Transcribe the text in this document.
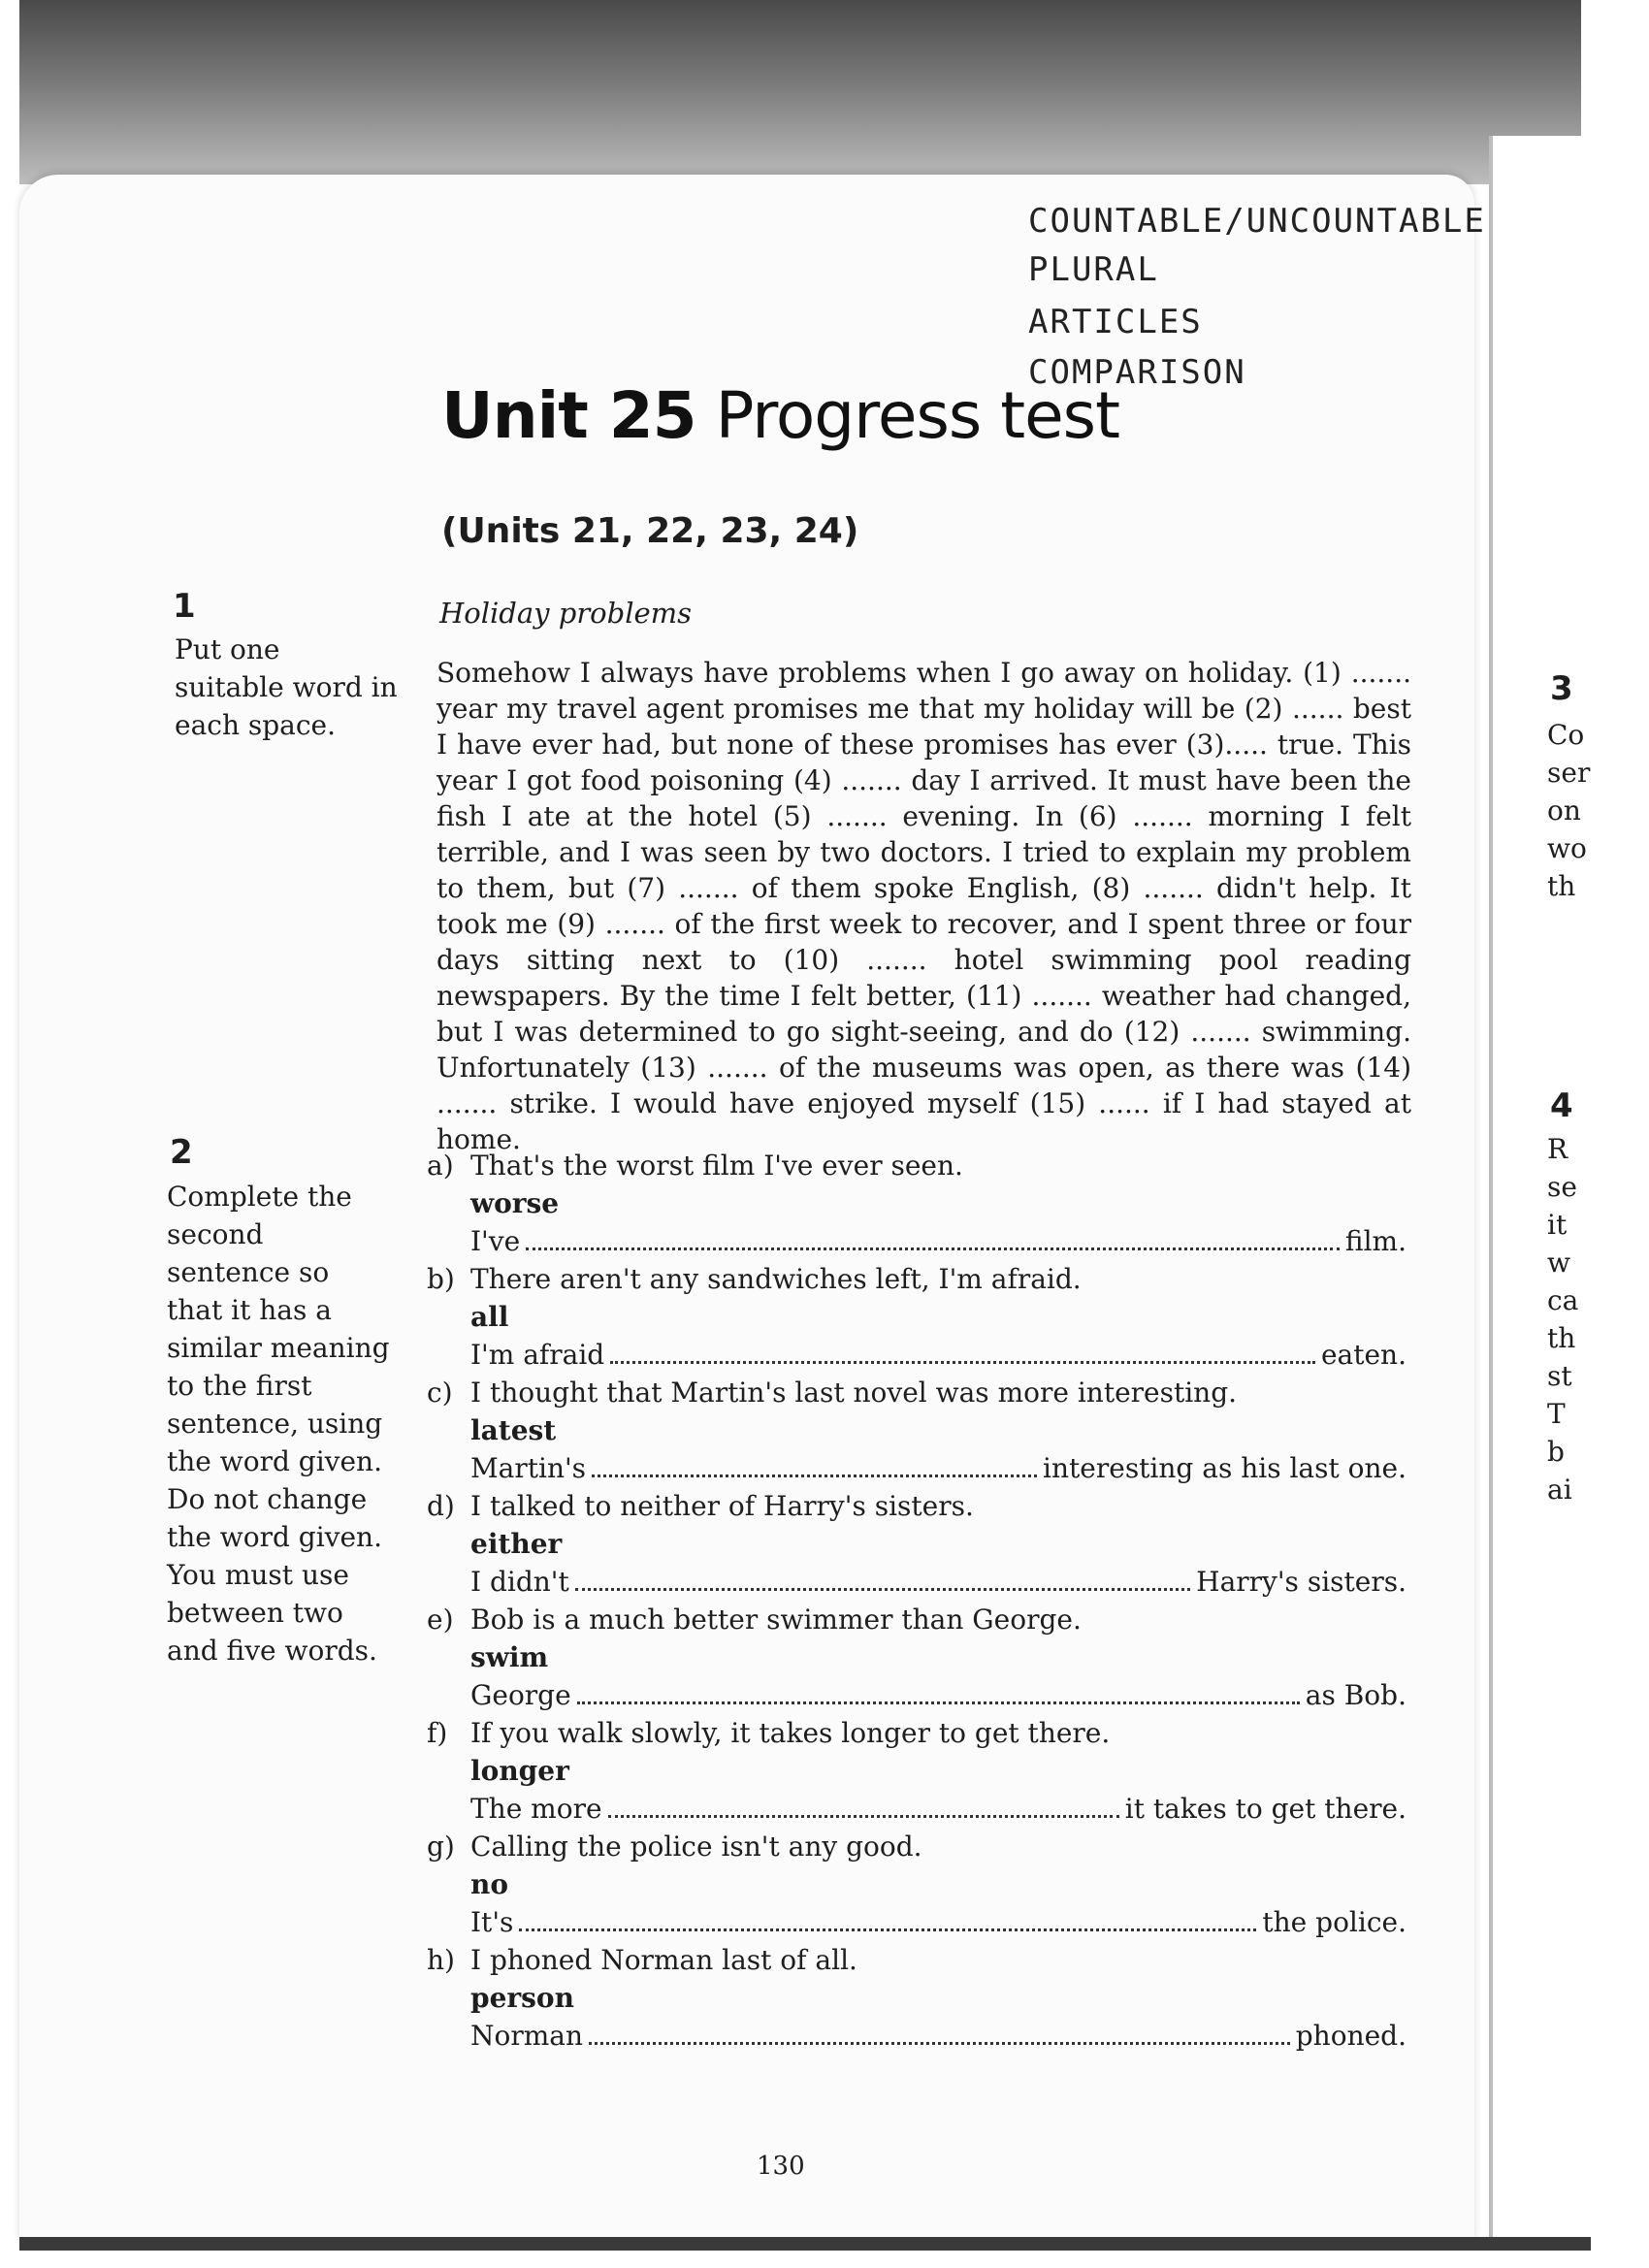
COUNTABLE/UNCOUNTABLE
PLURAL
ARTICLES
COMPARISON
Unit 25 Progress test
(Units 21, 22, 23, 24)
1
Put one suitable word in each space.
Holiday problems
Somehow I always have problems when I go away on holiday. (1) ....... year my travel agent promises me that my holiday will be (2) ...... best I have ever had, but none of these promises has ever (3)..... true. This year I got food poisoning (4) ....... day I arrived. It must have been the fish I ate at the hotel (5) ....... evening. In (6) ....... morning I felt terrible, and I was seen by two doctors. I tried to explain my problem to them, but (7) ....... of them spoke English, (8) ....... didn't help. It took me (9) ....... of the first week to recover, and I spent three or four days sitting next to (10) ....... hotel swimming pool reading newspapers. By the time I felt better, (11) ....... weather had changed, but I was determined to go sight-seeing, and do (12) ....... swimming. Unfortunately (13) ....... of the museums was open, as there was (14) ....... strike. I would have enjoyed myself (15) ...... if I had stayed at home.
2
Complete the second sentence so that it has a similar meaning to the first sentence, using the word given. Do not change the word given. You must use between two and five words.
a) That's the worst film I've ever seen.
worse
I've	film.
b) There aren't any sandwiches left, I'm afraid.
all
I'm afraid	eaten.
c) I thought that Martin's last novel was more interesting.
latest
Martin's	interesting as his last one.
d) I talked to neither of Harry's sisters.
either
I didn't	Harry's sisters.
e) Bob is a much better swimmer than George.
swim
George	as Bob.
f) If you walk slowly, it takes longer to get there.
longer
The more	it takes to get there.
g) Calling the police isn't any good.
no
It's	the police.
h) I phoned Norman last of all.
person
Norman	phoned.
130
3
Co
ser
on
wo
th
4
R
se
it
w
ca
th
st
T
b
ai
